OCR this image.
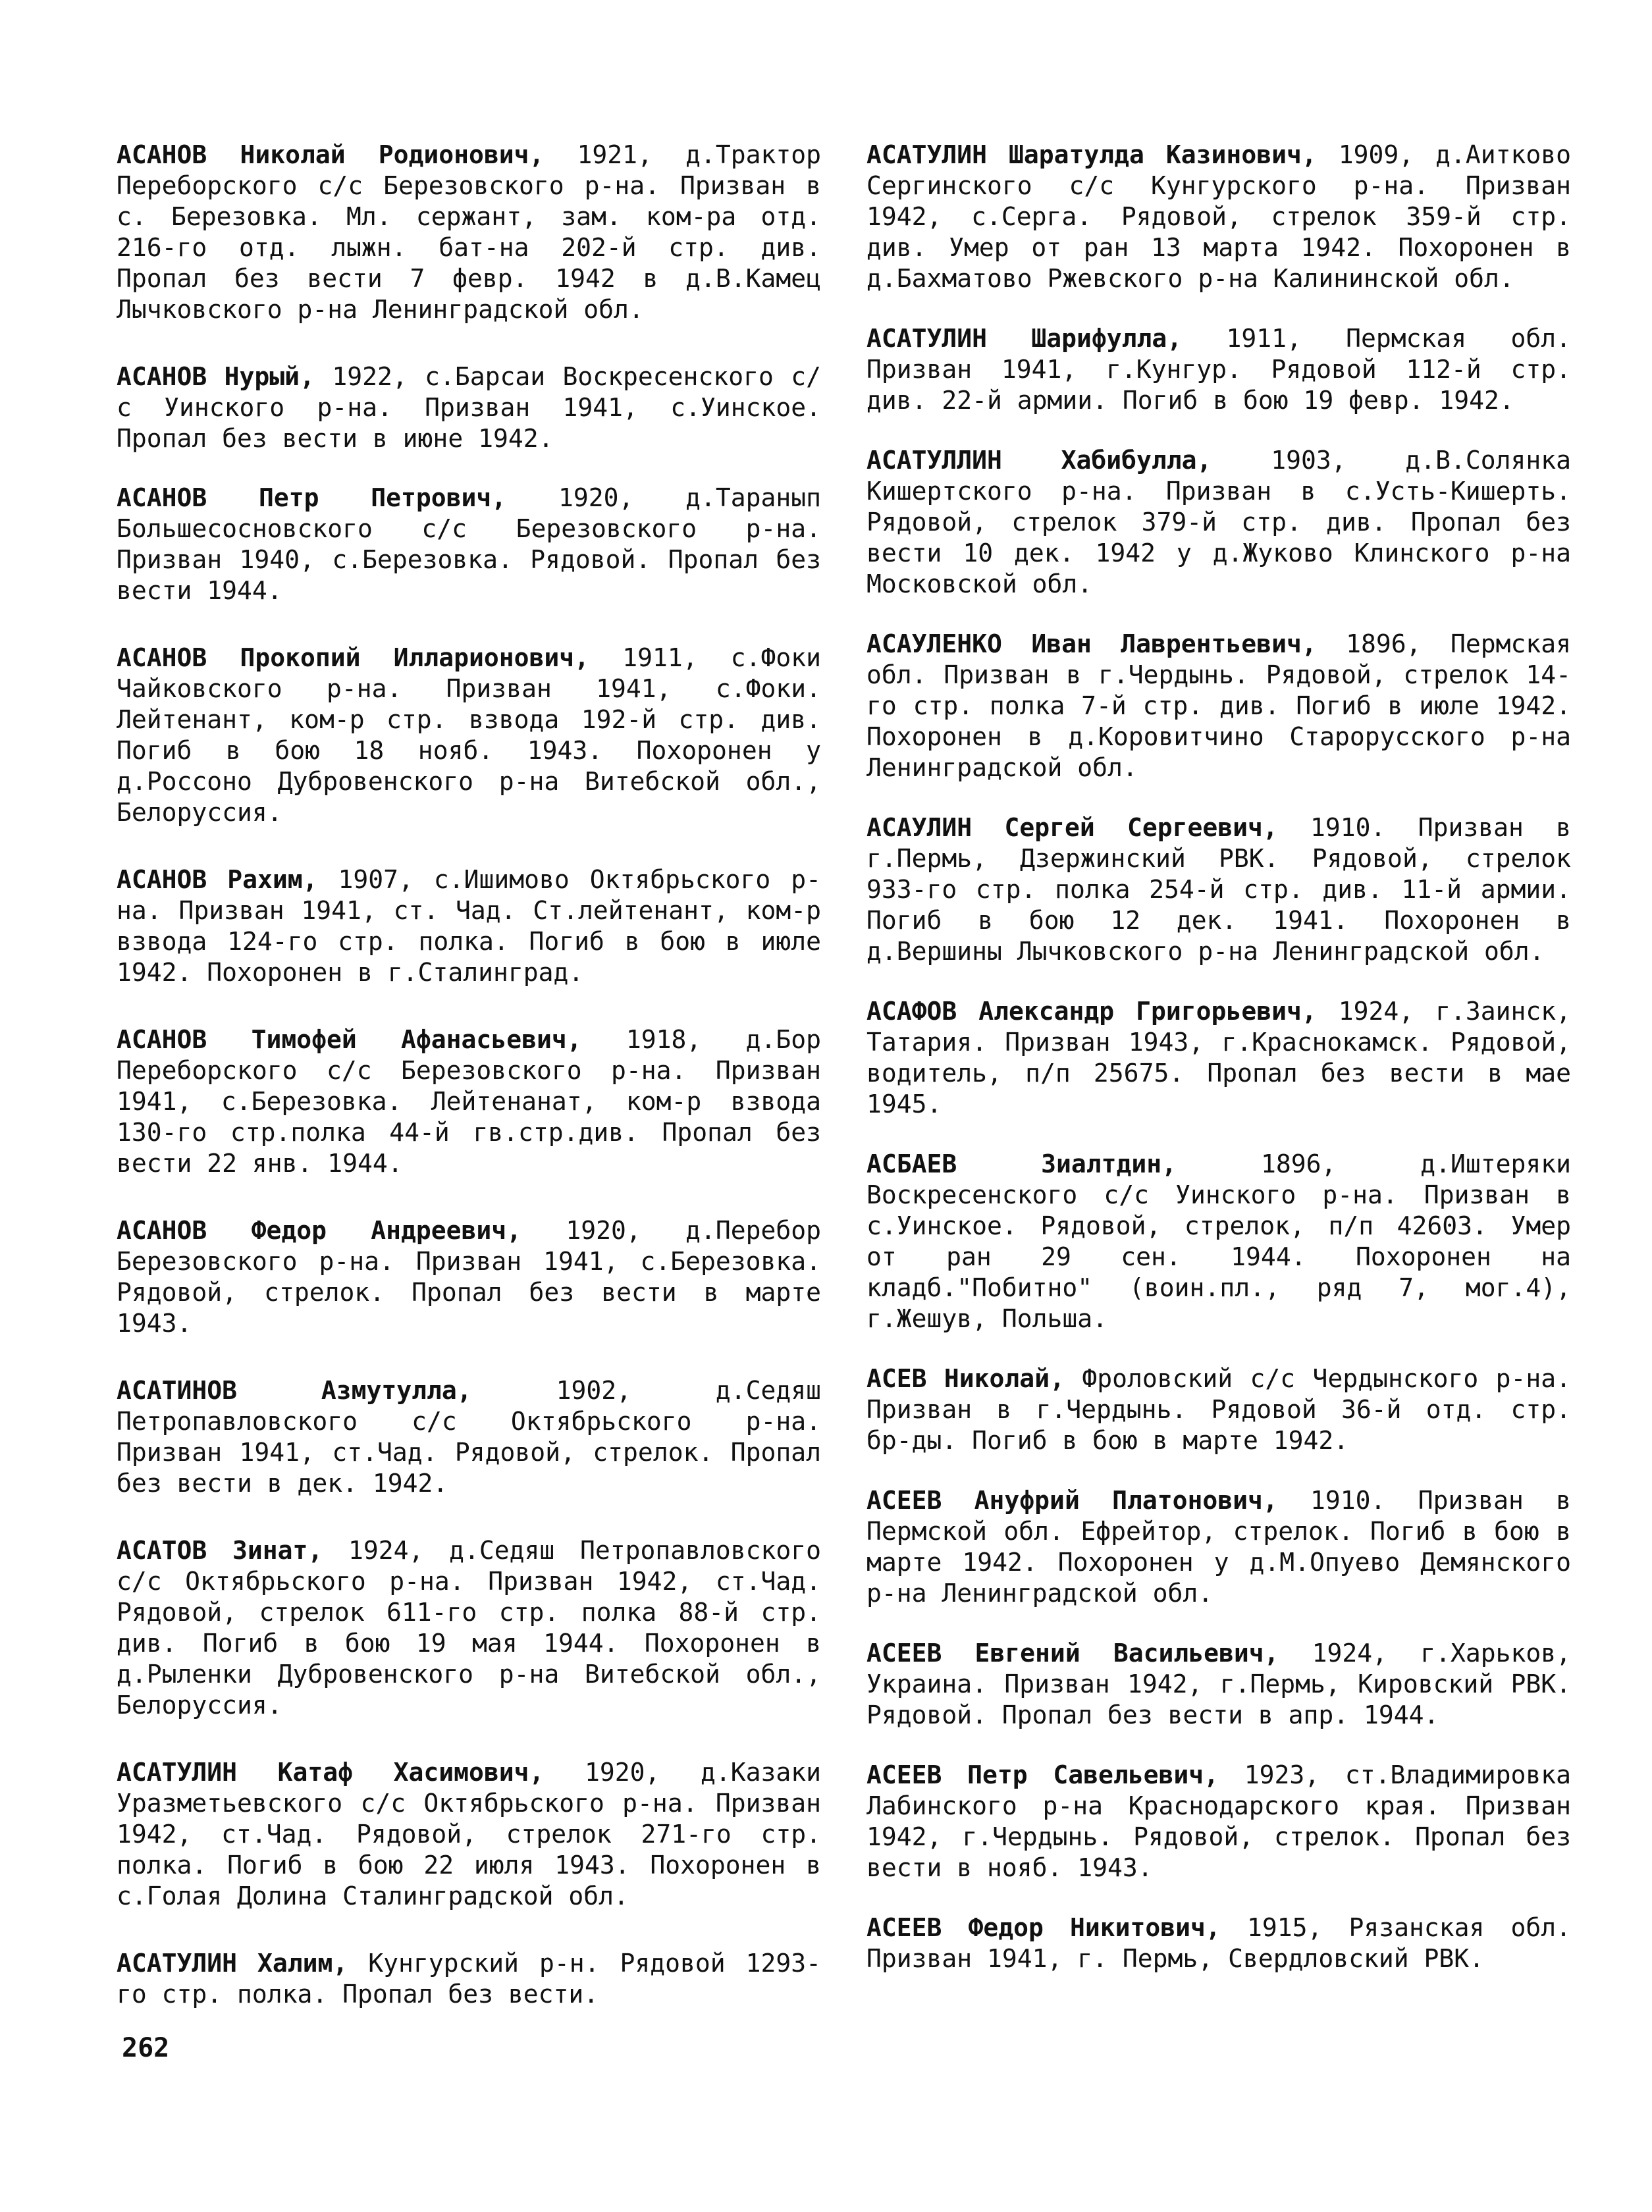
АСАНОВ Николай Родионович, 1921, д.Трактор Переборского с/с Березовского р-на. Призван в с. Березовка. Мл. сержант, зам. ком-ра отд. 216-го отд. лыжн. бат-на 202-й стр. див. Пропал без вести 7 февр. 1942 в д.В.Камец Лычковского р-на Ленинградской обл.

АСАНОВ Нурый, 1922, с.Барсаи Воскресенского с/с Уинского р-на. Призван 1941, с.Уинское. Пропал без вести в июне 1942.

АСАНОВ Петр Петрович, 1920, д.Таранып Большесосновского с/с Березовского р-на. Призван 1940, с.Березовка. Рядовой. Пропал без вести 1944.

АСАНОВ Прокопий Илларионович, 1911, с.Фоки Чайковского р-на. Призван 1941, с.Фоки. Лейтенант, ком-р стр. взвода 192-й стр. див. Погиб в бою 18 нояб. 1943. Похоронен у д.Россоно Дубровенского р-на Витебской обл., Белоруссия.

АСАНОВ Рахим, 1907, с.Ишимово Октябрьского р-на. Призван 1941, ст. Чад. Ст.лейтенант, ком-р взвода 124-го стр. полка. Погиб в бою в июле 1942. Похоронен в г.Сталинград.

АСАНОВ Тимофей Афанасьевич, 1918, д.Бор Переборского с/с Березовского р-на. Призван 1941, с.Березовка. Лейтенанат, ком-р взвода 130-го стр.полка 44-й гв.стр.див. Пропал без вести 22 янв. 1944.

АСАНОВ Федор Андреевич, 1920, д.Перебор Березовского р-на. Призван 1941, с.Березовка. Рядовой, стрелок. Пропал без вести в марте 1943.

АСАТИНОВ	Азмутулла,	1902, д.Седяш Петропавловского с/с Октябрьского р-на. Призван 1941, ст.Чад. Рядовой, стрелок. Пропал без вести в дек. 1942.

АСАТОВ Зинат, 1924, д.Седяш Петропавловского с/с Октябрьского р-на. Призван 1942, ст.Чад. Рядовой, стрелок 611-го стр. полка 88-й стр. див. Погиб в бою 19 мая 1944. Похоронен в д.Рыленки Дубровенского р-на Витебской обл., Белоруссия.

АСАТУЛИН Катаф Хасимович, 1920, д.Казаки Уразметьевского с/с Октябрьского р-на. Призван 1942, ст.Чад. Рядовой, стрелок 271-го стр. полка. Погиб в бою 22 июля 1943. Похоронен в с.Голая Долина Сталинградской обл.

АСАТУЛИН Халим, Кунгурский р-н. Рядовой 1293-го стр. полка. Пропал без вести.

АСАТУЛИН Шаратулда Казинович, 1909, д.Аитково Сергинского с/с Кунгурского р-на. Призван 1942, с.Серга. Рядовой, стрелок 359-й стр. див. Умер от ран 13 марта 1942. Похоронен в д.Бахматово Ржевского р-на Калининской обл.

АСАТУЛИН Шарифулла, 1911, Пермская обл. Призван 1941, г.Кунгур. Рядовой 112-й стр. див. 22-й армии. Погиб в бою 19 февр. 1942.

АСАТУЛЛИН Хабибулла, 1903, д.В.Солянка Кишертского р-на. Призван в с.Усть-Кишерть. Рядовой, стрелок 379-й стр. див. Пропал без вести 10 дек. 1942 у д.Жуково Клинского р-на Московской обл.

АСАУЛЕНКО Иван Лаврентьевич, 1896, Пермская обл. Призван в г.Чердынь. Рядовой, стрелок 14-го стр. полка 7-й стр. див. Погиб в июле 1942. Похоронен в д.Коровитчино Старорусского р-на Ленинградской обл.

АСАУЛИН Сергей Сергеевич, 1910. Призван в г.Пермь, Дзержинский РВК. Рядовой, стрелок 933-го стр. полка 254-й стр. див. 11-й армии. Погиб в бою 12 дек. 1941. Похоронен в д.Вершины Лычковского р-на Ленинградской обл.

АСАФОВ Александр Григорьевич, 1924, г.Заинск, Татария. Призван 1943, г.Краснокамск. Рядовой, водитель, п/п 25675. Пропал без вести в мае 1945.

АСБАЕВ	Зиалтдин,	1896, д.Иштеряки Воскресенского с/с Уинского р-на. Призван в с.Уинское. Рядовой, стрелок, п/п 42603. Умер от ран 29 сен. 1944. Похоронен на кладб."Побитно" (воин.пл., ряд 7, мог.4), г.Жешув, Польша.

АСЕВ Николай, Фроловский с/с Чердынского р-на. Призван в г.Чердынь. Рядовой 36-й отд. стр. бр-ды. Погиб в бою в марте 1942.

АСЕЕВ Ануфрий Платонович, 1910. Призван в Пермской обл. Ефрейтор, стрелок. Погиб в бою в марте 1942. Похоронен у д.М.Опуево Демянского р-на Ленинградской обл.

АСЕЕВ Евгений Васильевич, 1924, г.Харьков, Украина. Призван 1942, г.Пермь, Кировский РВК. Рядовой. Пропал без вести в апр. 1944.

АСЕЕВ Петр Савельевич, 1923, ст.Владимировка Лабинского р-на Краснодарского края. Призван 1942, г.Чердынь. Рядовой, стрелок. Пропал без вести в нояб. 1943.

АСЕЕВ Федор Никитович, 1915, Рязанская обл. Призван 1941, г. Пермь, Свердловский РВК.

262
